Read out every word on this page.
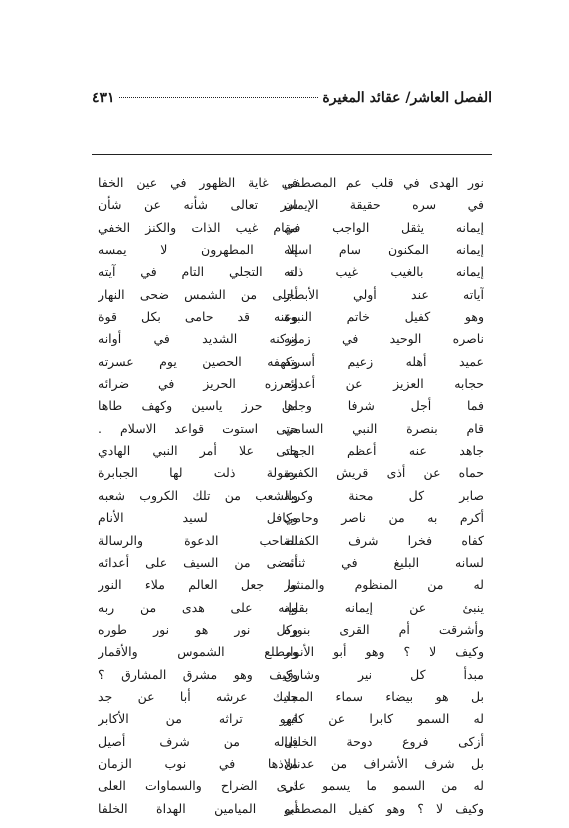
الفصل العاشر/ عقائد المغيرة
٤٣١
نور الهدى في قلب عم المصطفى
في سره حقيقة الإيمان
إيمانه يثقل الواجب في
إيمانه المكنون سام اسمه
إيمانه بالغيب غيب ذاته
آياته عند أولي الأبصار
وهو كفيل خاتم النبوة
ناصره الوحيد في زمانه
عميد أهله زعيم أسرته
حجابه العزيز عن أعدائه
فما أجل شرفا وجاها
قام بنصرة النبي السامي
جاهد عنه أعظم الجهاد
حماه عن أذى قريش الكفرة
صابر كل محنة وكربة
أكرم به من ناصر وحامي
كفاه فخرا شرف الكفالة
لسانه البليغ في ثنائه
له من المنظوم والمنثور
ينبئ عن إيمانه بقلبه
وأشرقت أم القرى بنوره
وكيف لا ؟ وهو أبو الأنوار
مبدأ كل نير وشارق
بل هو بيضاء سماء المجد
له السمو كابرا عن كابر
أزكى فروع دوحة الخليل
بل شرف الأشراف من عدنان
له من السمو ما يسمو على
وكيف لا ؟ وهو كفيل المصطفى
في غاية الظهور في عين الخفا
سر تعالى شأنه عن شأن
مقام غيب الذات والكنز الخفي
إلا المطهرون لا يمسه
له التجلي التام في آيته
أجلى من الشمس ضحى النهار
وعنه قد حامى بكل قوة
وركنه الشديد في أوانه
وكهفه الحصين يوم عسرته
وحرزه الحريز في ضرائه
من حرز ياسين وكهف طاها
حتى استوت قواعد الاسلام .
حتى علا أمر النبي الهادي
بصولة ذلت لها الجبابرة
والشعب من تلك الكروب شعبه
وكافل لسيد الأنام
لصاحب الدعوة والرسالة
أمضى من السيف على أعدائه
ما جعل العالم ملاء النور
وإنه على هدى من ربه
وكل نور هو نور طوره
ومطلع الشموس والأقمار
وكيف وهو مشرق المشارق ؟
مليك عرشه أبا عن جد
فهو تراثه من الأكابر
فياله من شرف أصيل
ملاذها في نوب الزمان
ذرى الضراح والسماوات العلى
أبو الميامين الهداة الخلفا
